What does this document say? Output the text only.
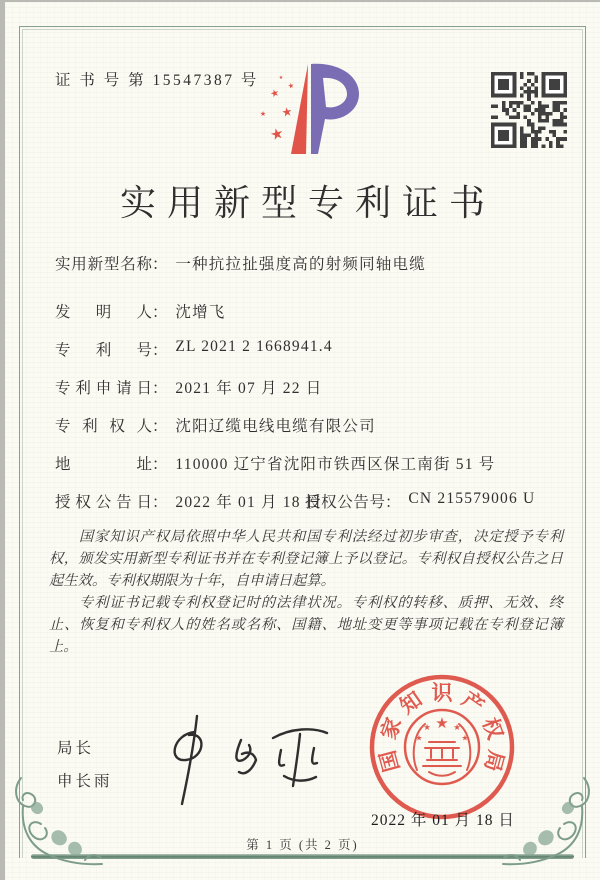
证 书 号 第 15547387 号
★
★
★
★
★
★
实用新型专利证书
实用新型名称： 一种抗拉扯强度高的射频同轴电缆
发明人： 沈增飞
专利号： ZL 2021 2 1668941.4
专利申请日： 2021 年 07 月 22 日
专利权人： 沈阳辽缆电线电缆有限公司
地址： 110000 辽宁省沈阳市铁西区保工南街 51 号
授权公告日： 2022 年 01 月 18 日
授权公告号： CN 215579006 U

国家知识产权局依照中华人民共和国专利法经过初步审查，决定授予专利权，颁发实用新型专利证书并在专利登记簿上予以登记。专利权自授权公告之日起生效。专利权期限为十年，自申请日起算。

专利证书记载专利权登记时的法律状况。专利权的转移、质押、无效、终止、恢复和专利权人的姓名或名称、国籍、地址变更等事项记载在专利登记簿上。

局长
申长雨
国
家
知 识 产
权
局
★
★	★
★	★
2022 年 01 月 18 日
第 1 页 (共 2 页)
